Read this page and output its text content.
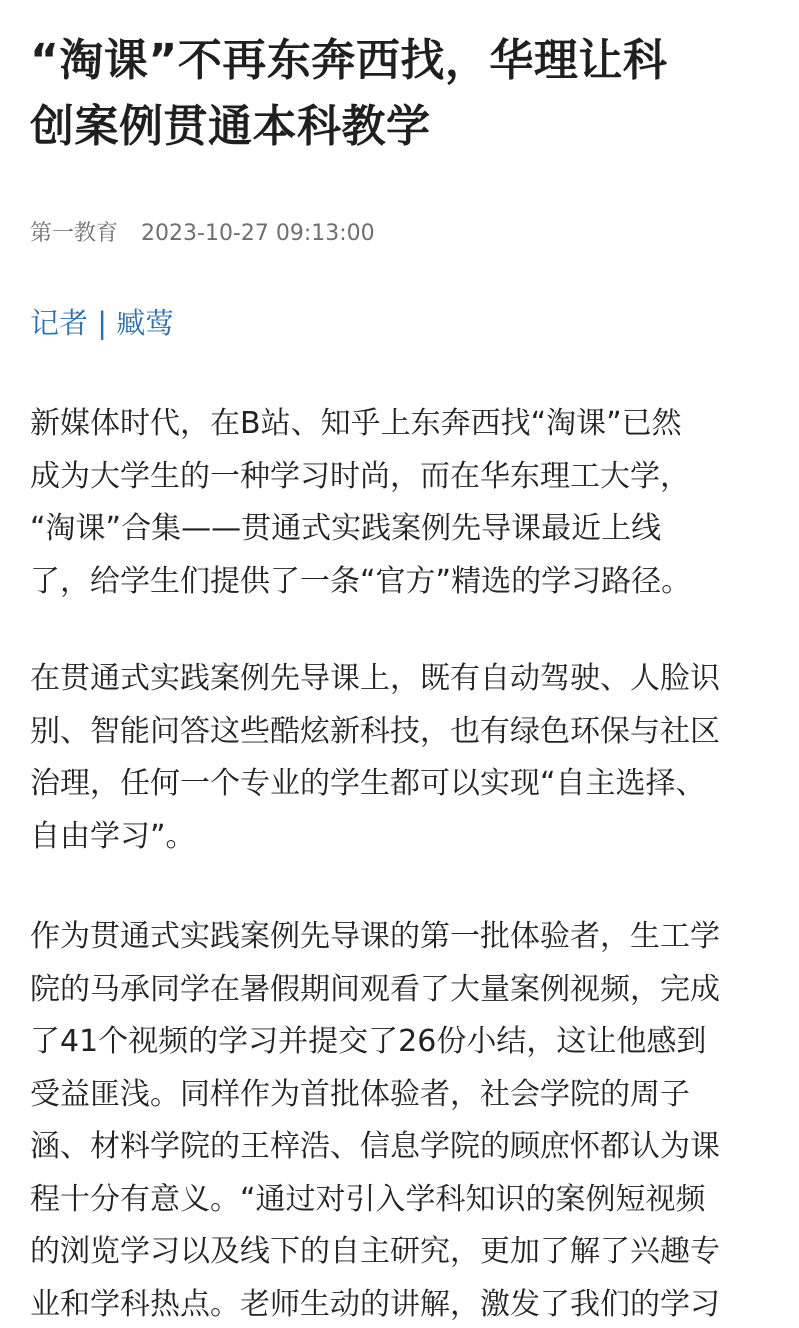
“淘课”不再东奔西找，华理让科
创案例贯通本科教学
第一教育 2023-10-27 09:13:00
记者 | 臧莺

新媒体时代，在B站、知乎上东奔西找“淘课”已然
成为大学生的一种学习时尚，而在华东理工大学，
“淘课”合集——贯通式实践案例先导课最近上线
了，给学生们提供了一条“官方”精选的学习路径。

在贯通式实践案例先导课上，既有自动驾驶、人脸识
别、智能问答这些酷炫新科技，也有绿色环保与社区
治理，任何一个专业的学生都可以实现“自主选择、
自由学习”。

作为贯通式实践案例先导课的第一批体验者，生工学
院的马承同学在暑假期间观看了大量案例视频，完成
了41个视频的学习并提交了26份小结，这让他感到
受益匪浅。同样作为首批体验者，社会学院的周子
涵、材料学院的王梓浩、信息学院的顾庶怀都认为课
程十分有意义。“通过对引入学科知识的案例短视频
的浏览学习以及线下的自主研究，更加了解了兴趣专
业和学科热点。老师生动的讲解，激发了我们的学习
